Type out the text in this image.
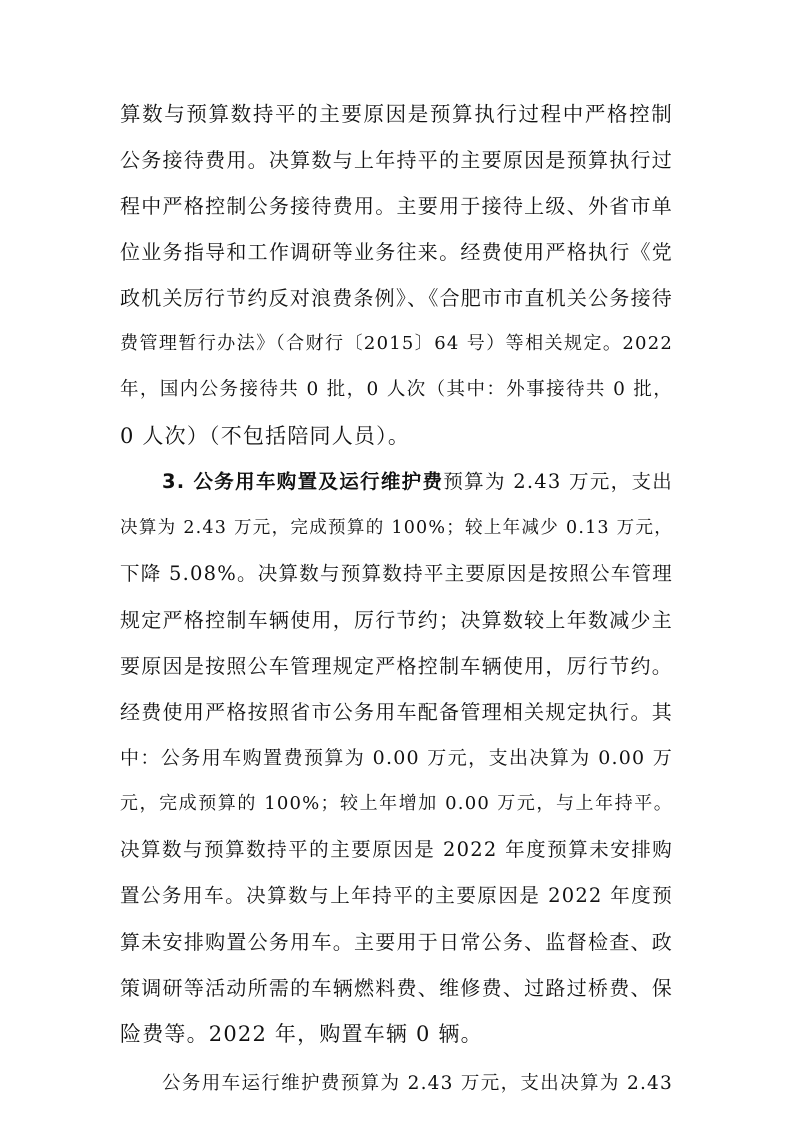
算数与预算数持平的主要原因是预算执行过程中严格控制
公务接待费用。决算数与上年持平的主要原因是预算执行过
程中严格控制公务接待费用。主要用于接待上级、外省市单
位业务指导和工作调研等业务往来。经费使用严格执行《党
政机关厉行节约反对浪费条例》、《合肥市市直机关公务接待
费管理暂行办法》（合财行〔2015〕64 号）等相关规定。2022
年，国内公务接待共 0 批，0 人次（其中：外事接待共 0 批，
0 人次）（不包括陪同人员）。
3. 公务用车购置及运行维护费预算为 2.43 万元，支出
决算为 2.43 万元，完成预算的 100%；较上年减少 0.13 万元，
下降 5.08%。决算数与预算数持平主要原因是按照公车管理
规定严格控制车辆使用，厉行节约；决算数较上年数减少主
要原因是按照公车管理规定严格控制车辆使用，厉行节约。
经费使用严格按照省市公务用车配备管理相关规定执行。其
中：公务用车购置费预算为 0.00 万元，支出决算为 0.00 万
元，完成预算的 100%；较上年增加 0.00 万元，与上年持平。
决算数与预算数持平的主要原因是 2022 年度预算未安排购
置公务用车。决算数与上年持平的主要原因是 2022 年度预
算未安排购置公务用车。主要用于日常公务、监督检查、政
策调研等活动所需的车辆燃料费、维修费、过路过桥费、保
险费等。2022 年，购置车辆 0 辆。
公务用车运行维护费预算为 2.43 万元，支出决算为 2.43
